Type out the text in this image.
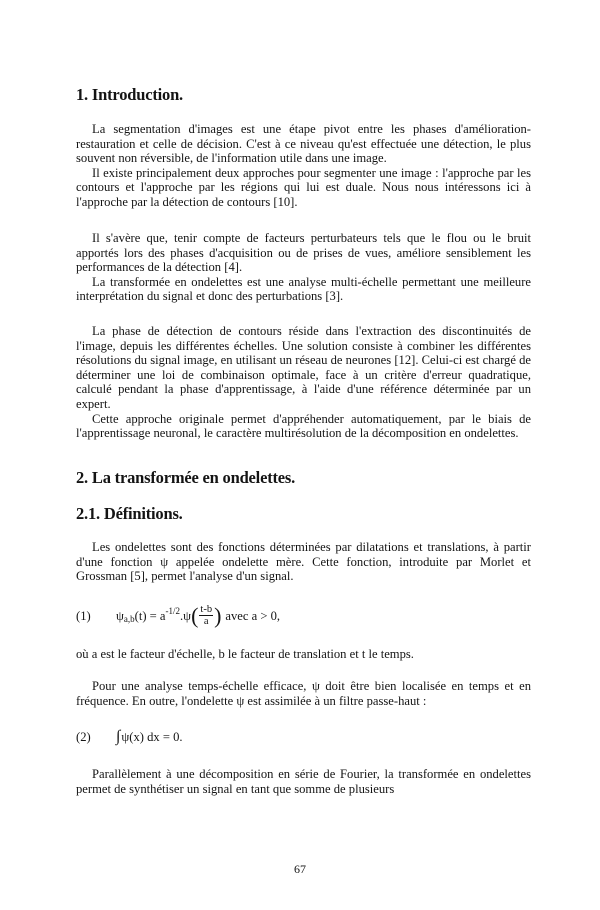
1. Introduction.

La segmentation d'images est une étape pivot entre les phases d'amélioration-restauration et celle de décision. C'est à ce niveau qu'est effectuée une détection, le plus souvent non réversible, de l'information utile dans une image.

Il existe principalement deux approches pour segmenter une image : l'approche par les contours et l'approche par les régions qui lui est duale. Nous nous intéressons ici à l'approche par la détection de contours [10].

Il s'avère que, tenir compte de facteurs perturbateurs tels que le flou ou le bruit apportés lors des phases d'acquisition ou de prises de vues, améliore sensiblement les performances de la détection [4].

La transformée en ondelettes est une analyse multi-échelle permettant une meilleure interprétation du signal et donc des perturbations [3].

La phase de détection de contours réside dans l'extraction des discontinuités de l'image, depuis les différentes échelles. Une solution consiste à combiner les différentes résolutions du signal image, en utilisant un réseau de neurones [12]. Celui-ci est chargé de déterminer une loi de combinaison optimale, face à un critère d'erreur quadratique, calculé pendant la phase d'apprentissage, à l'aide d'une référence déterminée par un expert.

Cette approche originale permet d'appréhender automatiquement, par le biais de l'apprentissage neuronal, le caractère multirésolution de la décomposition en ondelettes.

2. La transformée en ondelettes.
2.1. Définitions.

Les ondelettes sont des fonctions déterminées par dilatations et translations, à partir d'une fonction ψ appelée ondelette mère. Cette fonction, introduite par Morlet et Grossman [5], permet l'analyse d'un signal.

(1)	ψ a,b (t) = a -1/2 .ψ ( $\frac{t-b}{a}$ ) avec a > 0,

où a est le facteur d'échelle, b le facteur de translation et t le temps.

Pour une analyse temps-échelle efficace, ψ doit être bien localisée en temps et en fréquence. En outre, l'ondelette ψ est assimilée à un filtre passe-haut :

(2)	∫ ψ(x) dx = 0.

Parallèlement à une décomposition en série de Fourier, la transformée en ondelettes permet de synthétiser un signal en tant que somme de plusieurs

67
